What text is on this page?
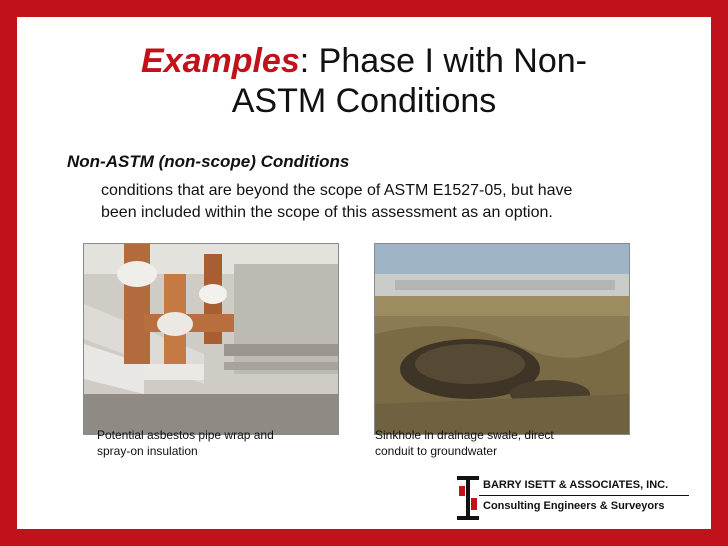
Examples: Phase I with Non-
ASTM Conditions
Non-ASTM (non-scope) Conditions
conditions that are beyond the scope of ASTM E1527-05, but have
been included within the scope of this assessment as an option.
Potential asbestos pipe wrap and
spray-on insulation
Sinkhole in drainage swale, direct
conduit to groundwater
BARRY ISETT & ASSOCIATES, INC.
Consulting Engineers & Surveyors
